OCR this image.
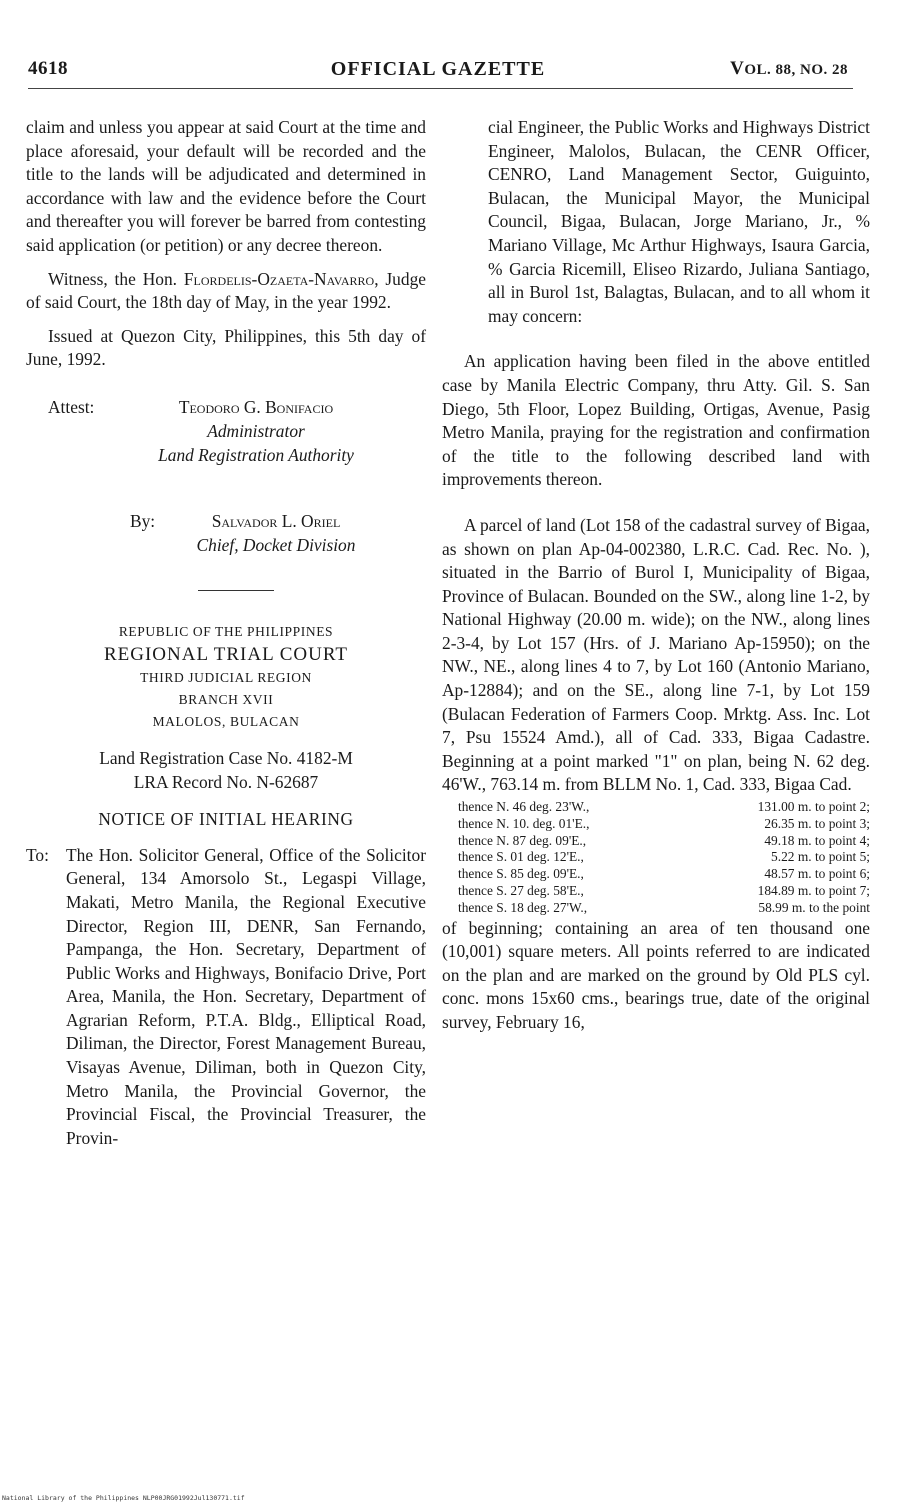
4618	OFFICIAL GAZETTE	VOL. 88, NO. 28

claim and unless you appear at said Court at the time and place aforesaid, your default will be recorded and the title to the lands will be adjudicated and determined in accordance with law and the evidence before the Court and thereafter you will forever be barred from contesting said application (or petition) or any decree thereon.

Witness, the Hon. Flordelis-Ozaeta-Navarro, Judge of said Court, the 18th day of May, in the year 1992.

Issued at Quezon City, Philippines, this 5th day of June, 1992.

Attest:	Teodoro G. Bonifacio
Administrator
Land Registration Authority
By:	Salvador L. Oriel
Chief, Docket Division
REPUBLIC OF THE PHILIPPINES
REGIONAL TRIAL COURT
THIRD JUDICIAL REGION
BRANCH XVII
MALOLOS, BULACAN
Land Registration Case No. 4182-M
LRA Record No. N-62687
NOTICE OF INITIAL HEARING
To: The Hon. Solicitor General, Office of the Solicitor General, 134 Amorsolo St., Legaspi Village, Makati, Metro Manila, the Regional Executive Director, Region III, DENR, San Fernando, Pampanga, the Hon. Secretary, Department of Public Works and Highways, Bonifacio Drive, Port Area, Manila, the Hon. Secretary, Department of Agrarian Reform, P.T.A. Bldg., Elliptical Road, Diliman, the Director, Forest Management Bureau, Visayas Avenue, Diliman, both in Quezon City, Metro Manila, the Provincial Governor, the Provincial Fiscal, the Provincial Treasurer, the Provin-

cial Engineer, the Public Works and Highways District Engineer, Malolos, Bulacan, the CENR Officer, CENRO, Land Management Sector, Guiguinto, Bulacan, the Municipal Mayor, the Municipal Council, Bigaa, Bulacan, Jorge Mariano, Jr., % Mariano Village, Mc Arthur Highways, Isaura Garcia, % Garcia Ricemill, Eliseo Rizardo, Juliana Santiago, all in Burol 1st, Balagtas, Bulacan, and to all whom it may concern:

An application having been filed in the above entitled case by Manila Electric Company, thru Atty. Gil. S. San Diego, 5th Floor, Lopez Building, Ortigas, Avenue, Pasig Metro Manila, praying for the registration and confirmation of the title to the following described land with improvements thereon.

A parcel of land (Lot 158 of the cadastral survey of Bigaa, as shown on plan Ap-04-002380, L.R.C. Cad. Rec. No. ), situated in the Barrio of Burol I, Municipality of Bigaa, Province of Bulacan. Bounded on the SW., along line 1-2, by National Highway (20.00 m. wide); on the NW., along lines 2-3-4, by Lot 157 (Hrs. of J. Mariano Ap-15950); on the NW., NE., along lines 4 to 7, by Lot 160 (Antonio Mariano, Ap-12884); and on the SE., along line 7-1, by Lot 159 (Bulacan Federation of Farmers Coop. Mrktg. Ass. Inc. Lot 7, Psu 15524 Amd.), all of Cad. 333, Bigaa Cadastre. Beginning at a point marked "1" on plan, being N. 62 deg. 46'W., 763.14 m. from BLLM No. 1, Cad. 333, Bigaa Cad.

thence N. 46 deg. 23'W.,	131.00 m. to point 2;
thence N. 10. deg. 01'E.,	26.35 m. to point 3;
thence N. 87 deg. 09'E.,	49.18 m. to point 4;
thence S. 01 deg. 12'E.,	5.22 m. to point 5;
thence S. 85 deg. 09'E.,	48.57 m. to point 6;
thence S. 27 deg. 58'E.,	184.89 m. to point 7;
thence S. 18 deg. 27'W.,	58.99 m. to the point

of beginning; containing an area of ten thousand one (10,001) square meters. All points referred to are indicated on the plan and are marked on the ground by Old PLS cyl. conc. mons 15x60 cms., bearings true, date of the original survey, February 16,

National Library of the Philippines NLP00JRG01992Jul130771.tif
